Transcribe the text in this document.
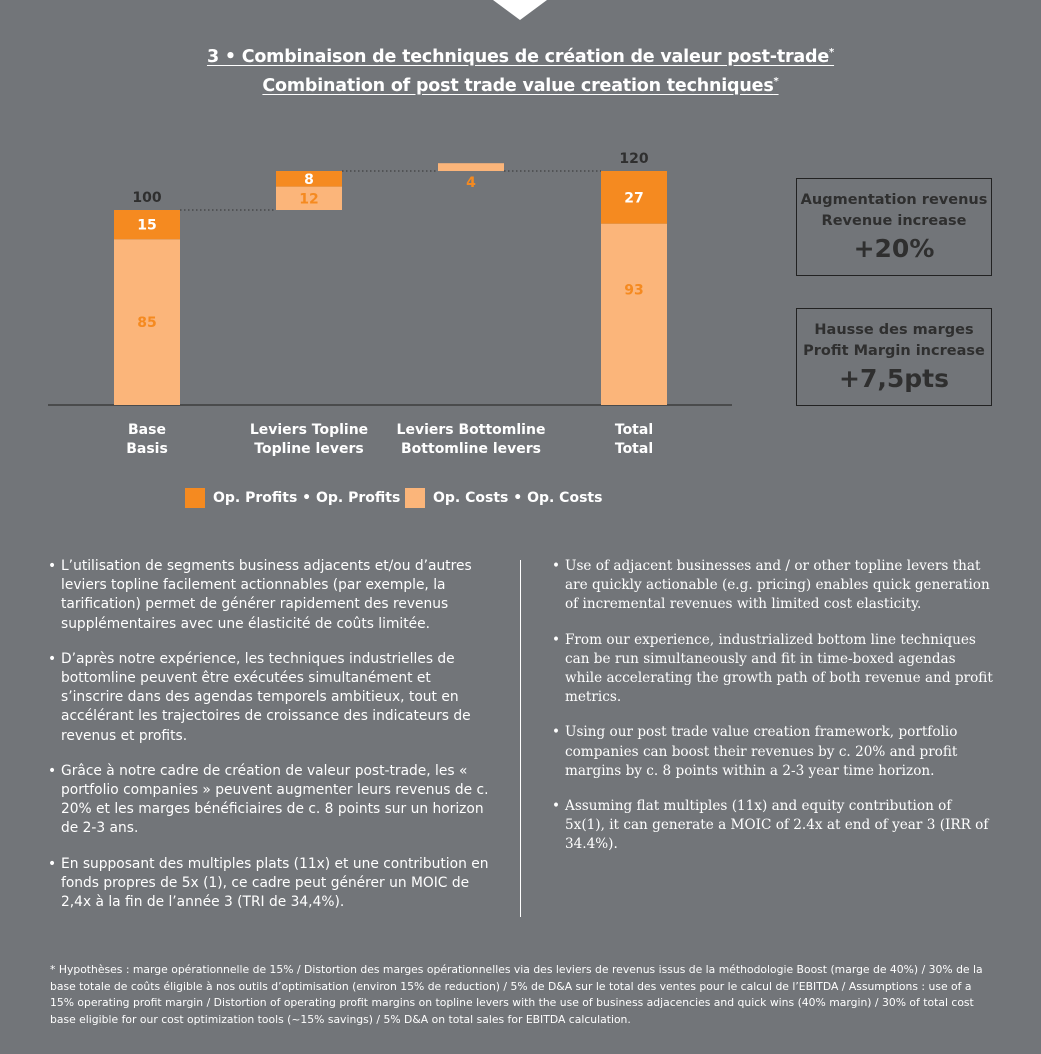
3 • Combinaison de techniques de création de valeur post-trade*
Combination of post trade value creation techniques*
85
15
100	12
8	4
93
27
120
Base
Basis
Leviers Topline
Topline levers
Leviers Bottomline
Bottomline levers
Total
Total
Augmentation revenus
Revenue increase
+20%
Hausse des marges
Profit Margin increase
+7,5pts
Op. Profits • Op. Profits Op. Costs • Op. Costs
• L’utilisation de segments business adjacents et/ou d’autres leviers topline facilement actionnables (par exemple, la tarification) permet de générer rapidement des revenus supplémentaires avec une élasticité de coûts limitée.
• D’après notre expérience, les techniques industrielles de bottomline peuvent être exécutées simultanément et s’inscrire dans des agendas temporels ambitieux, tout en accélérant les trajectoires de croissance des indicateurs de revenus et profits.
• Grâce à notre cadre de création de valeur post-trade, les « portfolio companies » peuvent augmenter leurs revenus de c. 20% et les marges bénéficiaires de c. 8 points sur un horizon de 2-3 ans.
• En supposant des multiples plats (11x) et une contribution en fonds propres de 5x (1), ce cadre peut générer un MOIC de 2,4x à la fin de l’année 3 (TRI de 34,4%).
• Use of adjacent businesses and / or other topline levers that are quickly actionable (e.g. pricing) enables quick generation of incremental revenues with limited cost elasticity.
• From our experience, industrialized bottom line techniques can be run simultaneously and fit in time-boxed agendas while accelerating the growth path of both revenue and profit metrics.
• Using our post trade value creation framework, portfolio companies can boost their revenues by c. 20% and profit margins by c. 8 points within a 2-3 year time horizon.
• Assuming flat multiples (11x) and equity contribution of 5x(1), it can generate a MOIC of 2.4x at end of year 3 (IRR of 34.4%).
* Hypothèses : marge opérationnelle de 15% / Distortion des marges opérationnelles via des leviers de revenus issus de la méthodologie Boost (marge de 40%) / 30% de la base totale de coûts éligible à nos outils d’optimisation (environ 15% de reduction) / 5% de D&A sur le total des ventes pour le calcul de l’EBITDA / Assumptions : use of a 15% operating profit margin / Distortion of operating profit margins on topline levers with the use of business adjacencies and quick wins (40% margin) / 30% of total cost base eligible for our cost optimization tools (~15% savings) / 5% D&A on total sales for EBITDA calculation.
